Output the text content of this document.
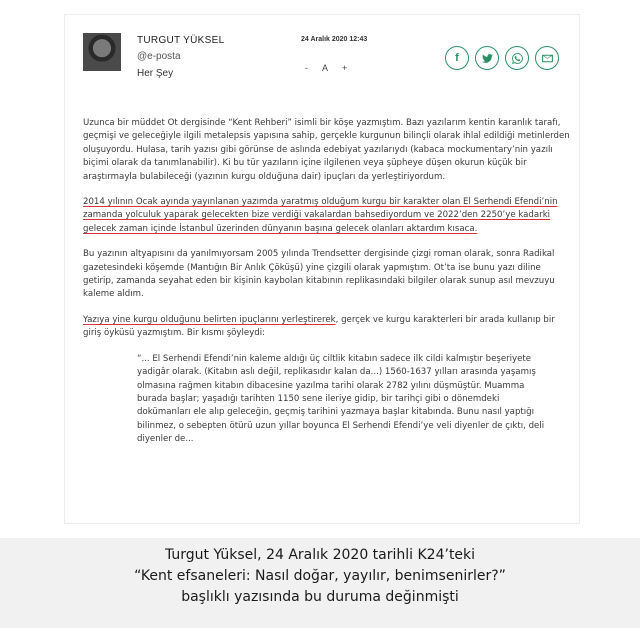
TURGUT YÜKSEL
@e-posta
Her Şey
24 Aralık 2020 12:43
- A +
f

Uzunca bir müddet Ot dergisinde “Kent Rehberi” isimli bir köşe yazmıştım. Bazı yazılarım kentin karanlık tarafı, geçmişi ve geleceğiyle ilgili metalepsis yapısına sahip, gerçekle kurgunun bilinçli olarak ihlal edildiği metinlerden oluşuyordu. Hulasa, tarih yazısı gibi görünse de aslında edebiyat yazılarıydı (kabaca mockumentary’nin yazılı biçimi olarak da tanımlanabilir). Ki bu tür yazıların içine ilgilenen veya şüpheye düşen okurun küçük bir araştırmayla bulabileceği (yazının kurgu olduğuna dair) ipuçları da yerleştiriyordum.

2014 yılının Ocak ayında yayınlanan yazımda yaratmış olduğum kurgu bir karakter olan El Serhendi Efendi’nin zamanda yolculuk yaparak gelecekten bize verdiği vakalardan bahsediyordum ve 2022’den 2250’ye kadarki gelecek zaman içinde İstanbul üzerinden dünyanın başına gelecek olanları aktardım kısaca.

Bu yazının altyapısını da yanılmıyorsam 2005 yılında Trendsetter dergisinde çizgi roman olarak, sonra Radikal gazetesindeki köşemde (Mantığın Bir Anlık Çöküşü) yine çizgili olarak yapmıştım. Ot’ta ise bunu yazı diline getirip, zamanda seyahat eden bir kişinin kaybolan kitabının replikasındaki bilgiler olarak sunup asıl mevzuyu kaleme aldım.

Yazıya yine kurgu olduğunu belirten ipuçlarını yerleştirerek, gerçek ve kurgu karakterleri bir arada kullanıp bir giriş öyküsü yazmıştım. Bir kısmı şöyleydi:

“... El Serhendi Efendi’nin kaleme aldığı üç ciltlik kitabın sadece ilk cildi kalmıştır beşeriyete yadigâr olarak. (Kitabın aslı değil, replikasıdır kalan da...) 1560-1637 yılları arasında yaşamış olmasına rağmen kitabın dibacesine yazılma tarihi olarak 2782 yılını düşmüştür. Muamma burada başlar; yaşadığı tarihten 1150 sene ileriye gidip, bir tarihçi gibi o dönemdeki dokümanları ele alıp geleceğin, geçmiş tarihini yazmaya başlar kitabında. Bunu nasıl yaptığı bilinmez, o sebepten ötürü uzun yıllar boyunca El Serhendi Efendi’ye veli diyenler de çıktı, deli diyenler de...

Turgut Yüksel, 24 Aralık 2020 tarihli K24’teki
“Kent efsaneleri: Nasıl doğar, yayılır, benimsenirler?”
başlıklı yazısında bu duruma değinmişti
